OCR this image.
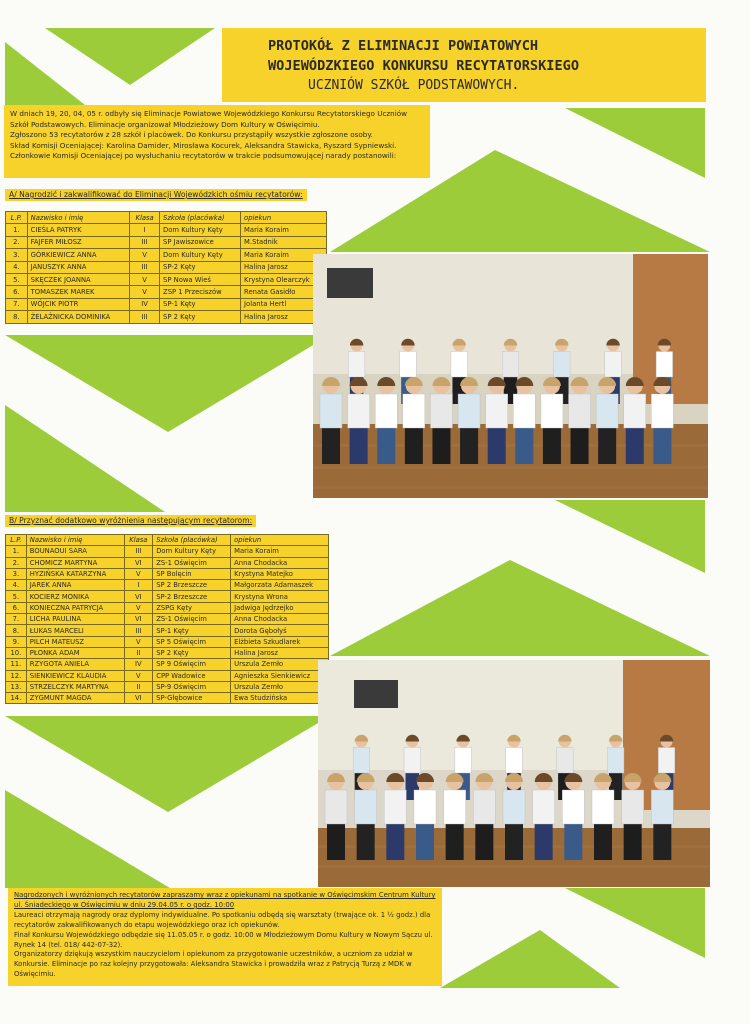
PROTOKÓŁ Z ELIMINACJI POWIATOWYCH
WOJEWÓDZKIEGO KONKURSU RECYTATORSKIEGO
UCZNIÓW SZKÓŁ PODSTAWOWYCH.

W dniach 19, 20, 04, 05 r. odbyły się Eliminacje Powiatowe Wojewódzkiego Konkursu Recytatorskiego Uczniów Szkół Podstawowych. Eliminacje organizował Młodzieżowy Dom Kultury w Oświęcimiu.

Zgłoszono 53 recytatorów z 28 szkół i placówek. Do Konkursu przystąpiły wszystkie zgłoszone osoby.

Skład Komisji Oceniającej: Karolina Damider, Mirosława Kocurek, Aleksandra Stawicka, Ryszard Sypniewski. Członkowie Komisji Oceniającej po wysłuchaniu recytatorów w trakcie podsumowującej narady postanowili:

A/ Nagrodzić i zakwalifikować do Eliminacji Wojewódzkich ośmiu recytatorów:
L.P.	Nazwisko i imię	Klasa	Szkoła (placówka)	opiekun
1.	CIEŚLA PATRYK	I	Dom Kultury Kęty	Maria Koraim
2.	FAJFER MIŁOSZ	III	SP Jawiszowice	M.Stadnik
3.	GÓRKIEWICZ ANNA	V	Dom Kultury Kęty	Maria Koraim
4.	JANUSZYK ANNA	III	SP-2 Kęty	Halina Jarosz
5.	SKĘCZEK JOANNA	V	SP Nowa Wieś	Krystyna Olearczyk
6.	TOMASZEK MAREK	V	ZSP 1 Przeciszów	Renata Gasidło
7.	WÓJCIK PIOTR	IV	SP-1 Kęty	Jolanta Hertl
8.	ŻELAŹNICKA DOMINIKA	III	SP 2 Kęty	Halina Jarosz
B/ Przyznać dodatkowo wyróżnienia następującym recytatorom:
L.P.	Nazwisko i imię	Klasa	Szkoła (placówka)	opiekun
1.	BOUNAOUI SARA	III	Dom Kultury Kęty	Maria Koraim
2.	CHOMICZ MARTYNA	VI	ZS-1 Oświęcim	Anna Chodacka
3.	HYZIŃSKA KATARZYNA	V	SP Bolęcin	Krystyna Matejko
4.	JAREK ANNA	I	SP 2 Brzeszcze	Małgorzata Adamaszek
5.	KOCIERZ MONIKA	VI	SP-2 Brzeszcze	Krystyna Wrona
6.	KONIECZNA PATRYCJA	V	ZSPG Kęty	Jadwiga Jędrzejko
7.	LICHA PAULINA	VI	ZS-1 Oświęcim	Anna Chodacka
8.	ŁUKAS MARCELI	III	SP-1 Kęty	Dorota Gębołyś
9.	PILCH MATEUSZ	V	SP 5 Oświęcim	Elżbieta Szkudlarek
10.	PŁONKA ADAM	II	SP 2 Kęty	Halina Jarosz
11.	RZYGOTA ANIELA	IV	SP 9 Oświęcim	Urszula Zemło
12.	SIENKIEWICZ KLAUDIA	V	CPP Wadowice	Agnieszka Sienkiewicz
13.	STRZELCZYK MARTYNA	II	SP-9 Oświęcim	Urszula Zemło
14.	ZYGMUNT MAGDA	VI	SP-Głębowice	Ewa Studzińska

Nagrodzonych i wyróżnionych recytatorów zapraszamy wraz z opiekunami na spotkanie w Oświęcimskim Centrum Kultury ul. Śniadeckiego w Oświęcimiu w dniu 29.04.05 r. o godz. 10:00

Laureaci otrzymają nagrody oraz dyplomy indywidualne. Po spotkaniu odbędą się warsztaty (trwające ok. 1 ½ godz.) dla recytatorów zakwalifikowanych do etapu wojewódzkiego oraz ich opiekunów.

Finał Konkursu Wojewódzkiego odbędzie się 11.05.05 r. o godz. 10:00 w Młodzieżowym Domu Kultury w Nowym Sączu ul. Rynek 14 (tel. 018/ 442-07-32).

Organizatorzy dziękują wszystkim nauczycielom i opiekunom za przygotowanie uczestników, a uczniom za udział w Konkursie. Eliminacje po raz kolejny przygotowała: Aleksandra Stawicka i prowadziła wraz z Patrycją Turzą z MDK w Oświęcimiu.
